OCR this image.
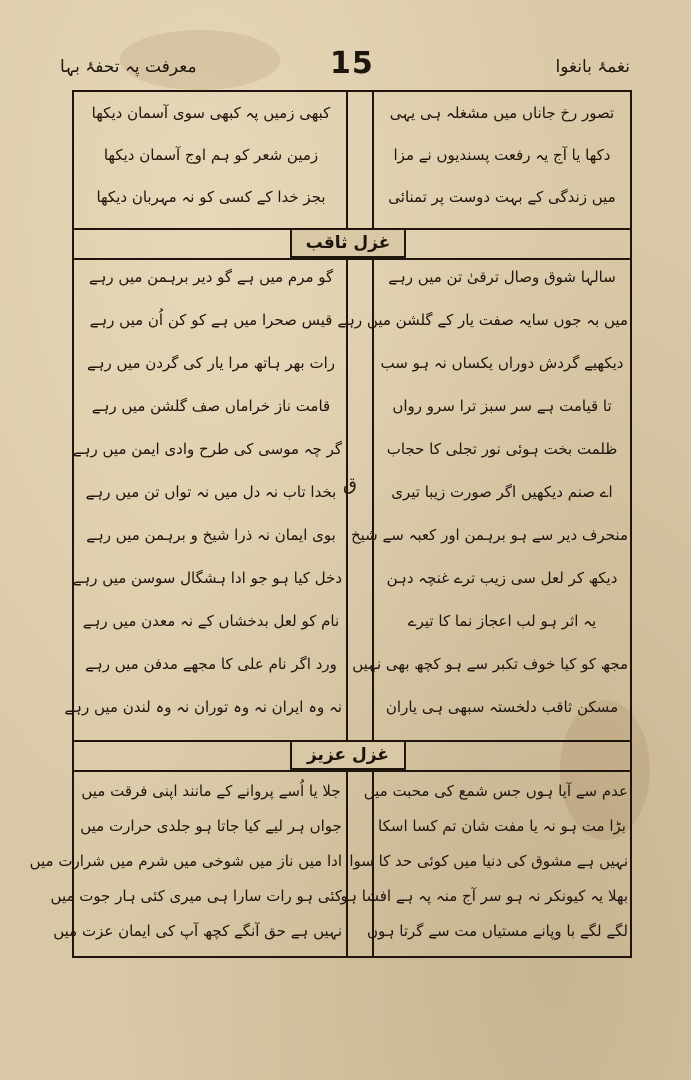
نغمۂ بانغوا
15
معرفت پہ تحفۂ بہا
تصور رخ جاناں میں مشغلہ ہی یہی
دکھا یا آج یہ رفعت پسندیوں نے مزا
میں زندگی کے بہت دوست پر تمنائی
کبھی زمیں پہ کبھی سوی آسمان دیکھا
زمین شعر کو ہم اوج آسمان دیکھا
بجز خدا کے کسی کو نہ مہربان دیکھا
غزل ثاقب
سالہا شوق وصال ترقیٰ تن میں رہے
میں بہ جوں سایہ صفت یار کے گلشن میں رہے
دیکھیے گردش دوراں یکساں نہ ہو سب
تا قیامت ہے سر سبز ترا سرو رواں
ظلمت بخت ہوئی نور تجلی کا حجاب
اے صنم دیکھیں اگر صورت زیبا تیری
منحرف دیر سے ہو برہمن اور کعبہ سے شیخ
دیکھ کر لعل سی زیب ترے غنچہ دہن
یہ اثر ہو لب اعجاز نما کا تیرے
مجھ کو کیا خوف تکبر سے ہو کچھ بھی نہیں
مسکن ثاقب دلخستہ سبھی ہی یاران
گو مرم میں ہے گو دیر برہمن میں رہے
قیس صحرا میں ہے کو کن اُن میں رہے
رات بھر ہاتھ مرا یار کی گردن میں رہے
قامت ناز خراماں صف گلشن میں رہے
گر چہ موسی کی طرح وادی ایمن میں رہے
بخدا تاب نہ دل میں نہ تواں تن میں رہے
بوی ایمان نہ ذرا شیخ و برہمن میں رہے
دخل کیا ہو جو ادا ہشگال سوسن میں رہے
نام کو لعل بدخشاں کے نہ معدن میں رہے
ورد اگر نام علی کا مجھے مدفن میں رہے
نہ وہ ایران نہ وہ توران نہ وہ لندن میں رہے
ق
غزل عزیز
عدم سے آیا ہوں جس شمع کی محبت میں
بڑا مت ہو نہ یا مفت شان تم کسا اسکا
نہیں ہے مشوق کی دنیا میں کوئی حد کا سوا
بھلا یہ کیونکر نہ ہو سر آج منہ پہ ہے افشا ہو
لگے لگے با وپانے مستیاں مت سے گرتا ہوں
جلا یا اُسے پروانے کے مانند اپنی فرقت میں
جواں ہر لیے کیا جاتا ہو جلدی حرارت میں
ادا میں ناز میں شوخی میں شرم میں شرارت میں
کئی ہو رات سارا ہی میری کئی ہار جوت میں
نہیں ہے حق آنگے کچھ آپ کی ایمان عزت میں
